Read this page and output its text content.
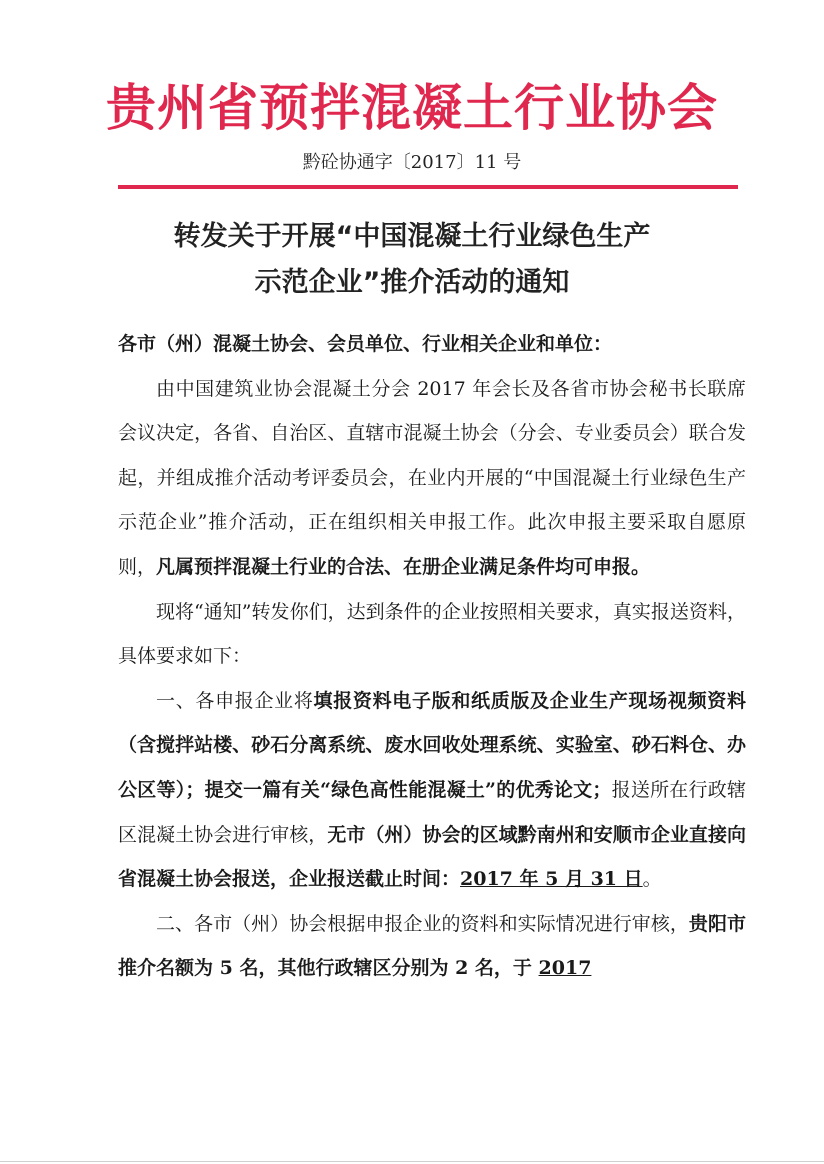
贵州省预拌混凝土行业协会
黔砼协通字〔2017〕11 号
转发关于开展“中国混凝土行业绿色生产
示范企业”推介活动的通知

各市（州）混凝土协会、会员单位、行业相关企业和单位：

由中国建筑业协会混凝土分会 2017 年会长及各省市协会秘书长联席会议决定，各省、自治区、直辖市混凝土协会（分会、专业委员会）联合发起，并组成推介活动考评委员会，在业内开展的“中国混凝土行业绿色生产示范企业”推介活动，正在组织相关申报工作。此次申报主要采取自愿原则，凡属预拌混凝土行业的合法、在册企业满足条件均可申报。

现将“通知”转发你们，达到条件的企业按照相关要求，真实报送资料，具体要求如下：

一、各申报企业将填报资料电子版和纸质版及企业生产现场视频资料（含搅拌站楼、砂石分离系统、废水回收处理系统、实验室、砂石料仓、办公区等）；提交一篇有关“绿色高性能混凝土”的优秀论文；报送所在行政辖区混凝土协会进行审核，无市（州）协会的区域黔南州和安顺市企业直接向省混凝土协会报送，企业报送截止时间：2017 年 5 月 31 日。

二、各市（州）协会根据申报企业的资料和实际情况进行审核，贵阳市推介名额为 5 名，其他行政辖区分别为 2 名，于 2017
